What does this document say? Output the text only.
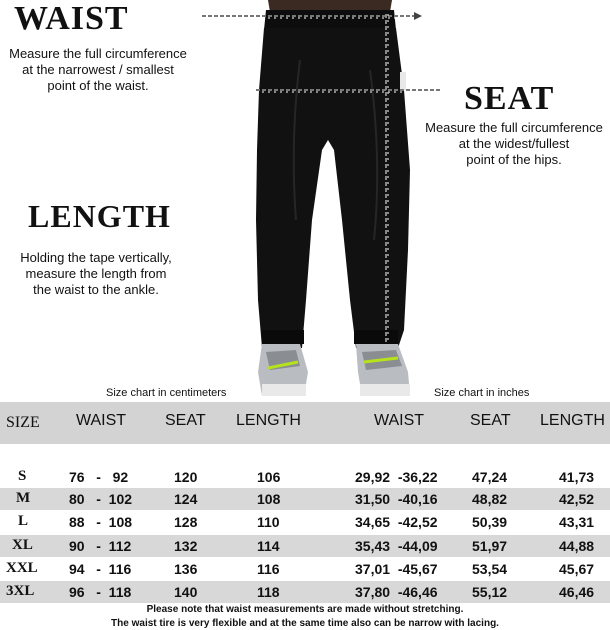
WAIST
Measure the full circumference
at the narrowest / smallest
point of the waist.	SEAT
Measure the full circumference
at the widest/fullest
point of the hips.
LENGTH
Holding the tape vertically,
measure the length from
the waist to the ankle.
Size chart in centimeters	Size chart in inches
SIZE WAIST SEAT LENGTH	WAIST	SEAT LENGTH
S	76   -   92	120	106	29,92  -36,22 47,24	41,73
M	80   -  102	124	108	31,50  -40,16 48,82	42,52
L	88   -  108	128	110	34,65  -42,52 50,39	43,31
XL	90   -  112	132	114	35,43  -44,09 51,97	44,88
XXL 94   -  116	136	116	37,01  -45,67 53,54	45,67
3XL 96   -  118	140	118	37,80  -46,46 55,12	46,46
Please note that waist measurements are made without stretching.
The waist tire is very flexible and at the same time also can be narrow with lacing.
